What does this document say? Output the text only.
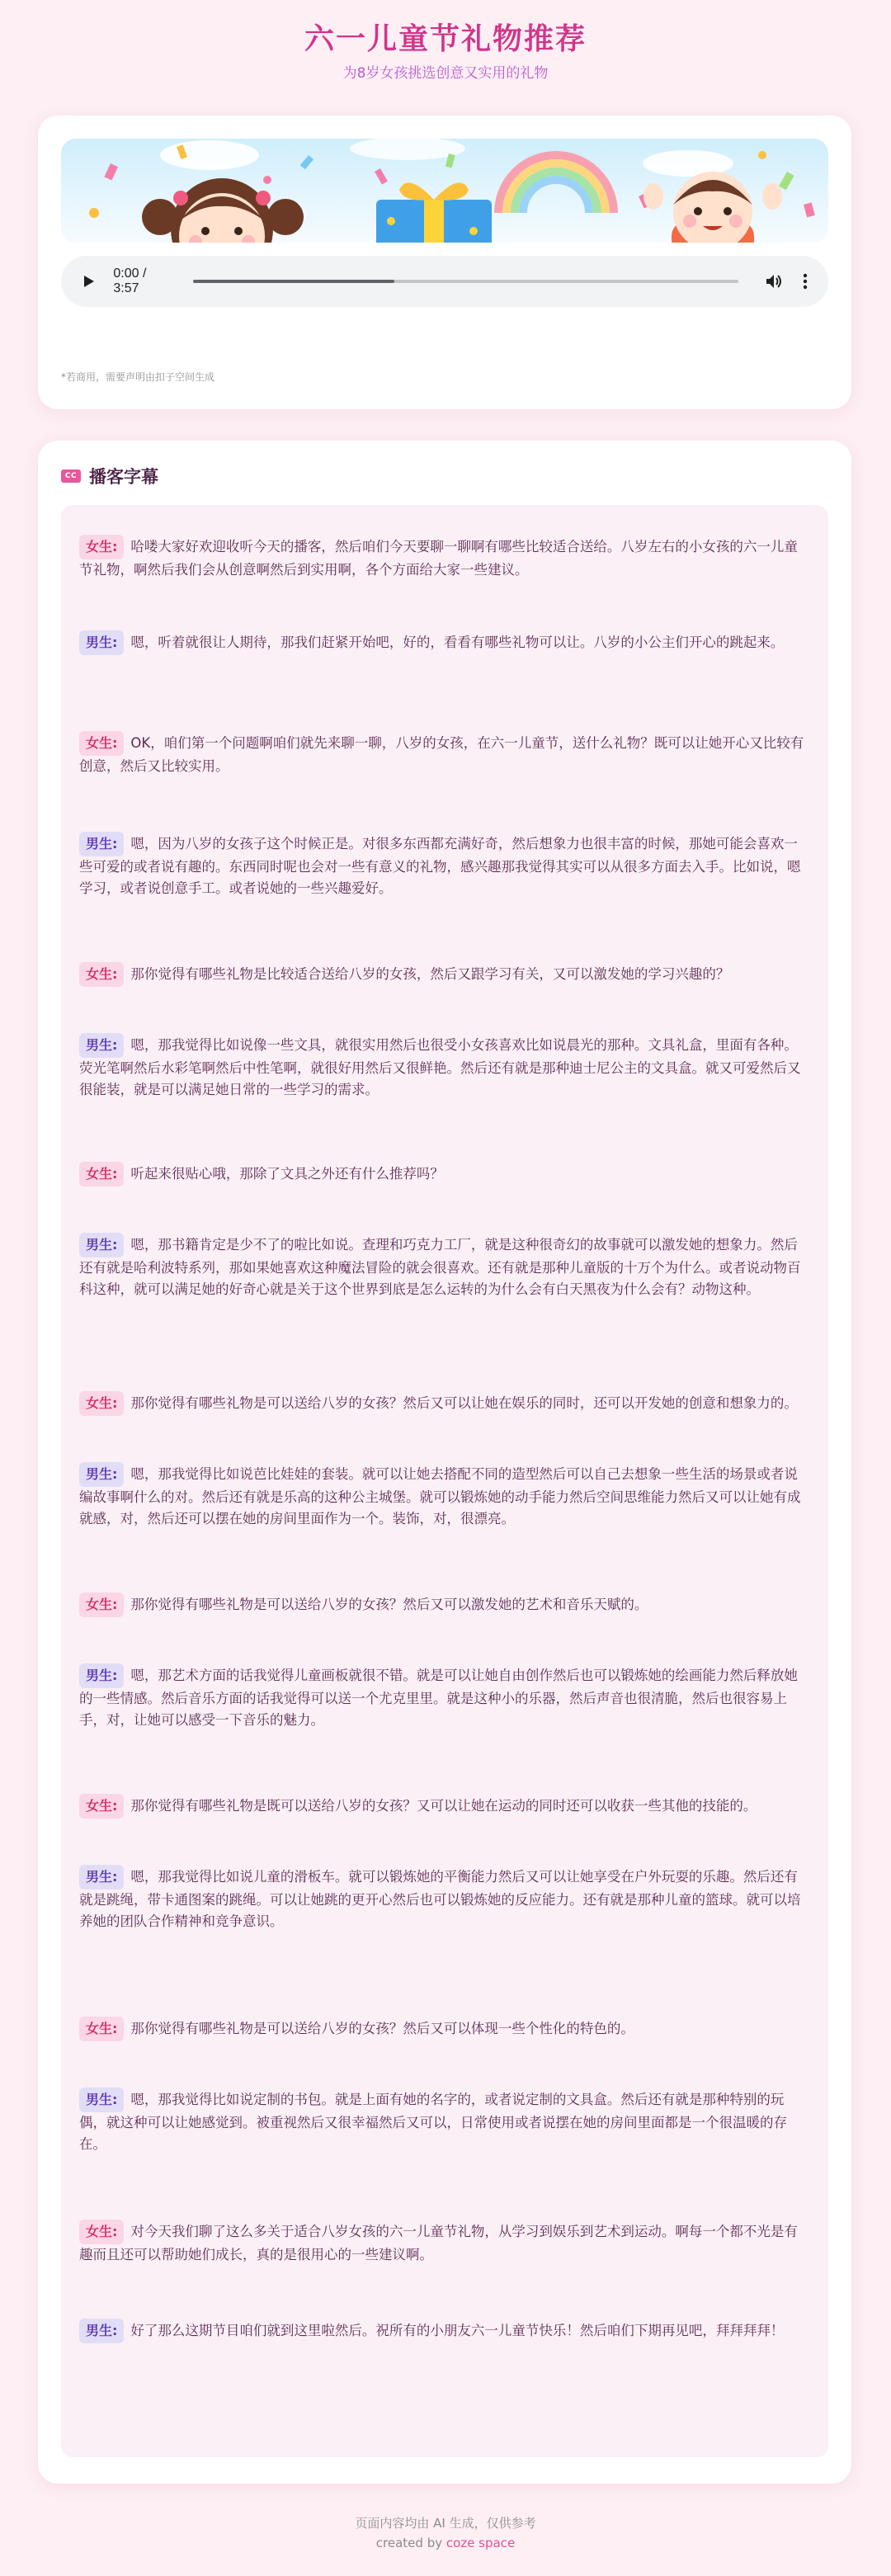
六一儿童节礼物推荐
为8岁女孩挑选创意又实用的礼物
0:00 / 3:57
*若商用，需要声明由扣子空间生成
CC 播客字幕
女生: 哈喽大家好欢迎收听今天的播客，然后咱们今天要聊一聊啊有哪些比较适合送给。八岁左右的小女孩的六一儿童节礼物，啊然后我们会从创意啊然后到实用啊，各个方面给大家一些建议。
男生: 嗯，听着就很让人期待，那我们赶紧开始吧，好的，看看有哪些礼物可以让。八岁的小公主们开心的跳起来。
女生: OK，咱们第一个问题啊咱们就先来聊一聊，八岁的女孩，在六一儿童节，送什么礼物？既可以让她开心又比较有创意，然后又比较实用。
男生: 嗯，因为八岁的女孩子这个时候正是。对很多东西都充满好奇，然后想象力也很丰富的时候，那她可能会喜欢一些可爱的或者说有趣的。东西同时呢也会对一些有意义的礼物，感兴趣那我觉得其实可以从很多方面去入手。比如说，嗯学习，或者说创意手工。或者说她的一些兴趣爱好。
女生: 那你觉得有哪些礼物是比较适合送给八岁的女孩，然后又跟学习有关，又可以激发她的学习兴趣的？
男生: 嗯，那我觉得比如说像一些文具，就很实用然后也很受小女孩喜欢比如说晨光的那种。文具礼盒，里面有各种。荧光笔啊然后水彩笔啊然后中性笔啊，就很好用然后又很鲜艳。然后还有就是那种迪士尼公主的文具盒。就又可爱然后又很能装，就是可以满足她日常的一些学习的需求。
女生: 听起来很贴心哦，那除了文具之外还有什么推荐吗？
男生: 嗯，那书籍肯定是少不了的啦比如说。查理和巧克力工厂，就是这种很奇幻的故事就可以激发她的想象力。然后还有就是哈利波特系列，那如果她喜欢这种魔法冒险的就会很喜欢。还有就是那种儿童版的十万个为什么。或者说动物百科这种，就可以满足她的好奇心就是关于这个世界到底是怎么运转的为什么会有白天黑夜为什么会有？动物这种。
女生: 那你觉得有哪些礼物是可以送给八岁的女孩？然后又可以让她在娱乐的同时，还可以开发她的创意和想象力的。
男生: 嗯，那我觉得比如说芭比娃娃的套装。就可以让她去搭配不同的造型然后可以自己去想象一些生活的场景或者说编故事啊什么的对。然后还有就是乐高的这种公主城堡。就可以锻炼她的动手能力然后空间思维能力然后又可以让她有成就感，对，然后还可以摆在她的房间里面作为一个。装饰，对，很漂亮。
女生: 那你觉得有哪些礼物是可以送给八岁的女孩？然后又可以激发她的艺术和音乐天赋的。
男生: 嗯，那艺术方面的话我觉得儿童画板就很不错。就是可以让她自由创作然后也可以锻炼她的绘画能力然后释放她的一些情感。然后音乐方面的话我觉得可以送一个尤克里里。就是这种小的乐器，然后声音也很清脆，然后也很容易上手，对，让她可以感受一下音乐的魅力。
女生: 那你觉得有哪些礼物是既可以送给八岁的女孩？又可以让她在运动的同时还可以收获一些其他的技能的。
男生: 嗯，那我觉得比如说儿童的滑板车。就可以锻炼她的平衡能力然后又可以让她享受在户外玩耍的乐趣。然后还有就是跳绳，带卡通图案的跳绳。可以让她跳的更开心然后也可以锻炼她的反应能力。还有就是那种儿童的篮球。就可以培养她的团队合作精神和竞争意识。
女生: 那你觉得有哪些礼物是可以送给八岁的女孩？然后又可以体现一些个性化的特色的。
男生: 嗯，那我觉得比如说定制的书包。就是上面有她的名字的，或者说定制的文具盒。然后还有就是那种特别的玩偶，就这种可以让她感觉到。被重视然后又很幸福然后又可以，日常使用或者说摆在她的房间里面都是一个很温暖的存在。
女生: 对今天我们聊了这么多关于适合八岁女孩的六一儿童节礼物，从学习到娱乐到艺术到运动。啊每一个都不光是有趣而且还可以帮助她们成长，真的是很用心的一些建议啊。
男生: 好了那么这期节目咱们就到这里啦然后。祝所有的小朋友六一儿童节快乐！然后咱们下期再见吧，拜拜拜拜！
页面内容均由 AI 生成，仅供参考
created by coze space
